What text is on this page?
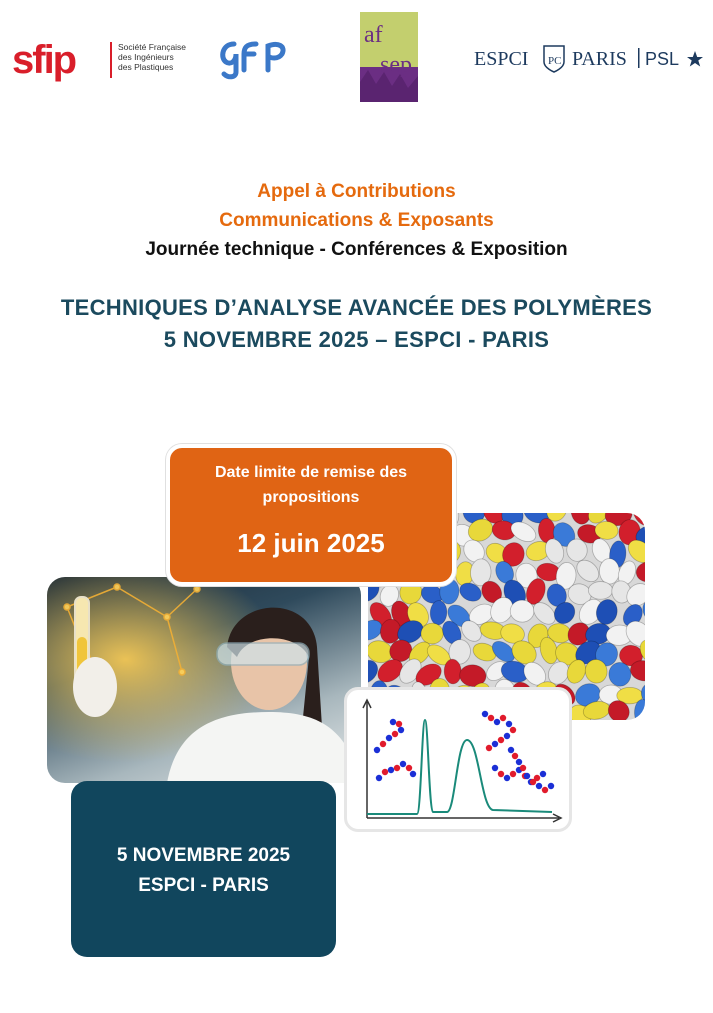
sfip	Société Française
des Ingénieurs
des Plastiques
af
sep	ESPCI PC PARIS PSL
Appel à Contributions
Communications & Exposants
Journée technique - Conférences & Exposition
TECHNIQUES D’ANALYSE AVANCÉE DES POLYMÈRES
5 NOVEMBRE 2025 – ESPCI - PARIS
Date limite de remise des propositions
12 juin 2025
5 NOVEMBRE 2025
ESPCI - PARIS
